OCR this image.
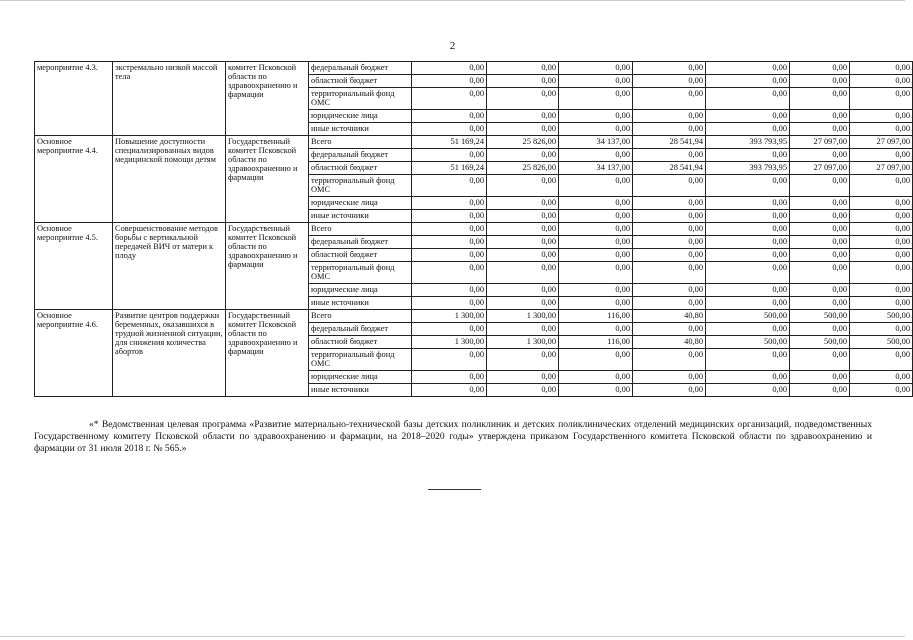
2
мероприятие 4.3.	экстремально низкой массой тела	комитет Псковской области по здравоохранению и фармации	федеральный бюджет	0,00	0,00	0,00	0,00	0,00	0,00	0,00
			областной бюджет	0,00	0,00	0,00	0,00	0,00	0,00	0,00
			территориальный фонд ОМС	0,00	0,00	0,00	0,00	0,00	0,00	0,00
			юридические лица	0,00	0,00	0,00	0,00	0,00	0,00	0,00
			иные источники	0,00	0,00	0,00	0,00	0,00	0,00	0,00
Основное мероприятие 4.4.	Повышение доступности специализированных видов медицинской помощи детям	Государственный комитет Псковской области по здравоохранению и фармации	Всего	51 169,24	25 826,00	34 137,00	28 541,94	393 793,95	27 097,00	27 097,00
			федеральный бюджет	0,00	0,00	0,00	0,00	0,00	0,00	0,00
			областной бюджет	51 169,24	25 826,00	34 137,00	28 541,94	393 793,95	27 097,00	27 097,00
			территориальный фонд ОМС	0,00	0,00	0,00	0,00	0,00	0,00	0,00
			юридические лица	0,00	0,00	0,00	0,00	0,00	0,00	0,00
			иные источники	0,00	0,00	0,00	0,00	0,00	0,00	0,00
Основное мероприятие 4.5.	Совершенствование методов борьбы с вертикальной передачей ВИЧ от матери к плоду	Государственный комитет Псковской области по здравоохранению и фармации	Всего	0,00	0,00	0,00	0,00	0,00	0,00	0,00
			федеральный бюджет	0,00	0,00	0,00	0,00	0,00	0,00	0,00
			областной бюджет	0,00	0,00	0,00	0,00	0,00	0,00	0,00
			территориальный фонд ОМС	0,00	0,00	0,00	0,00	0,00	0,00	0,00
			юридические лица	0,00	0,00	0,00	0,00	0,00	0,00	0,00
			иные источники	0,00	0,00	0,00	0,00	0,00	0,00	0,00
Основное мероприятие 4.6.	Развитие центров поддержки беременных, оказавшихся в трудной жизненной ситуации, для снижения количества абортов	Государственный комитет Псковской области по здравоохранению и фармации	Всего	1 300,00	1 300,00	116,00	40,80	500,00	500,00	500,00
			федеральный бюджет	0,00	0,00	0,00	0,00	0,00	0,00	0,00
			областной бюджет	1 300,00	1 300,00	116,00	40,80	500,00	500,00	500,00
			территориальный фонд ОМС	0,00	0,00	0,00	0,00	0,00	0,00	0,00
			юридические лица	0,00	0,00	0,00	0,00	0,00	0,00	0,00
			иные источники	0,00	0,00	0,00	0,00	0,00	0,00	0,00

«* Ведомственная целевая программа «Развитие материально-технической базы детских поликлиник и детских поликлинических отделений медицинских организаций, подведомственных Государственному комитету Псковской области по здравоохранению и фармации, на 2018–2020 годы» утверждена приказом Государственного комитета Псковской области по здравоохранению и фармации от 31 июля 2018 г. № 565.»
